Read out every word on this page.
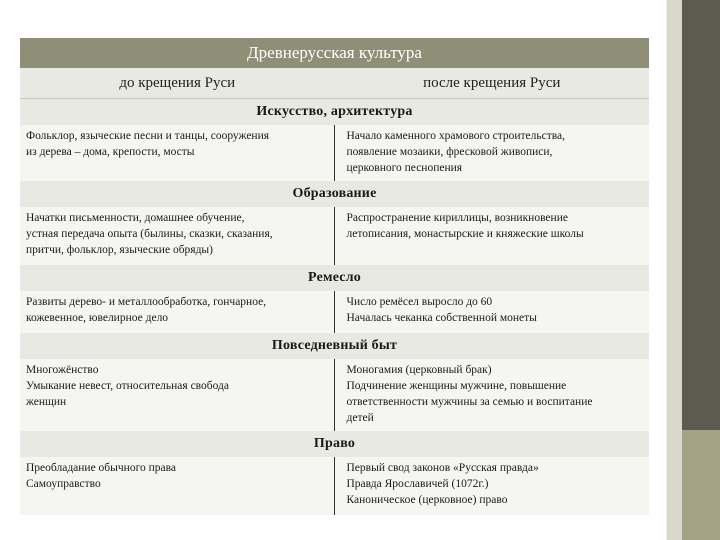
Древнерусская культура
до крещения Руси	после крещения Руси
Искусство, архитектура
Фольклор, языческие песни и танцы, сооружения
из дерева – дома, крепости, мосты
Начало каменного храмового строительства,
появление мозаики, фресковой живописи,
церковного песнопения
Образование
Начатки письменности, домашнее обучение,
устная передача опыта (былины, сказки, сказания,
притчи, фольклор, языческие обряды)
Распространение кириллицы, возникновение
летописания, монастырские и княжеские школы
Ремесло
Развиты дерево- и металлообработка, гончарное,
кожевенное, ювелирное дело
Число ремёсел выросло до 60
Началась чеканка собственной монеты
Повседневный быт
Многожёнство
Умыкание невест, относительная свобода
женщин
Моногамия (церковный брак)
Подчинение женщины мужчине, повышение
ответственности мужчины за семью и воспитание
детей
Право
Преобладание обычного права
Самоуправство
Первый свод законов «Русская правда»
Правда Ярославичей (1072г.)
Каноническое (церковное) право
